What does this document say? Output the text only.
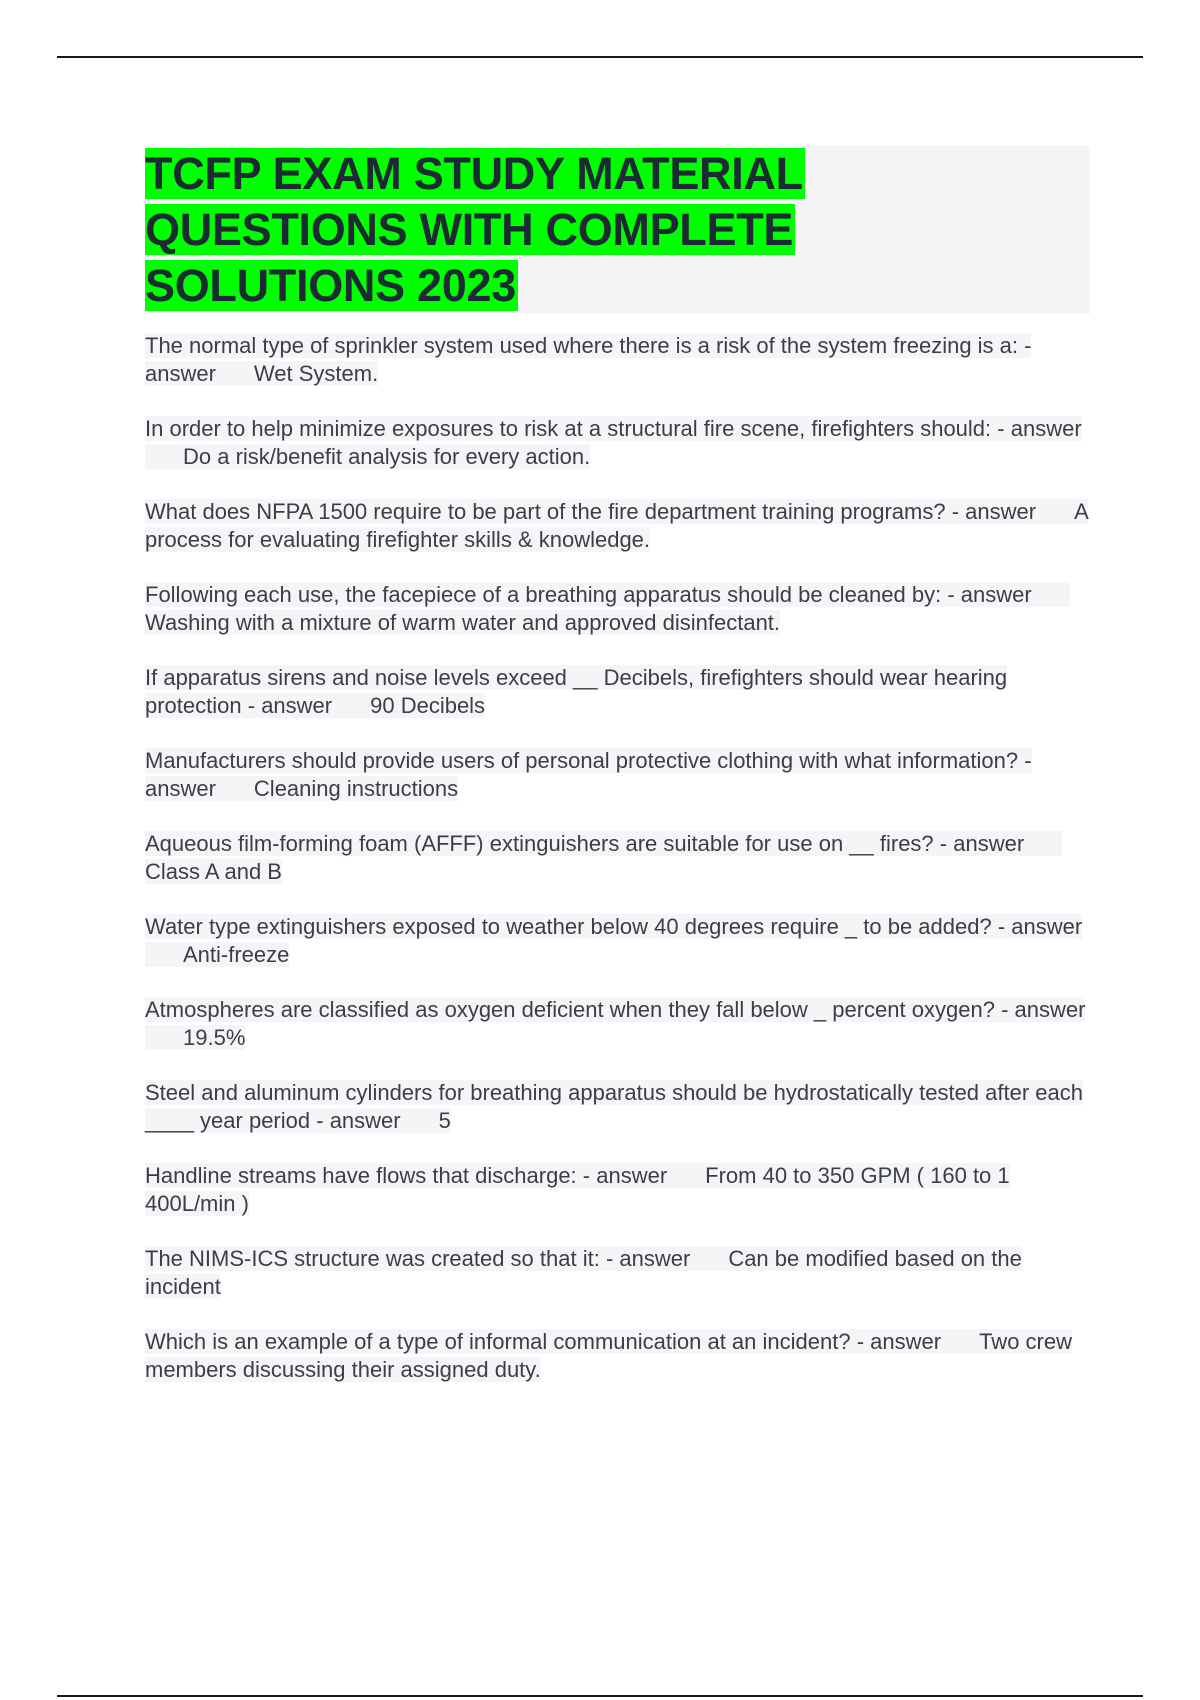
TCFP EXAM STUDY MATERIAL
QUESTIONS WITH COMPLETE
SOLUTIONS 2023

The normal type of sprinkler system used where there is a risk of the system freezing is a: - answer Wet System.

In order to help minimize exposures to risk at a structural fire scene, firefighters should: - answerDo a risk/benefit analysis for every action.

What does NFPA 1500 require to be part of the fire department training programs? - answer A process for evaluating firefighter skills & knowledge.

Following each use, the facepiece of a breathing apparatus should be cleaned by: - answerWashing with a mixture of warm water and approved disinfectant.

If apparatus sirens and noise levels exceed __ Decibels, firefighters should wear hearing protection - answer 90 Decibels

Manufacturers should provide users of personal protective clothing with what information? - answer Cleaning instructions

Aqueous film-forming foam (AFFF) extinguishers are suitable for use on __ fires? - answerClass A and B

Water type extinguishers exposed to weather below 40 degrees require _ to be added? - answerAnti-freeze

Atmospheres are classified as oxygen deficient when they fall below _ percent oxygen? - answer19.5%

Steel and aluminum cylinders for breathing apparatus should be hydrostatically tested after each ____ year period - answer 5

Handline streams have flows that discharge: - answer From 40 to 350 GPM ( 160 to 1 400L/min )

The NIMS-ICS structure was created so that it: - answer Can be modified based on the incident

Which is an example of a type of informal communication at an incident? - answer Two crew members discussing their assigned duty.
